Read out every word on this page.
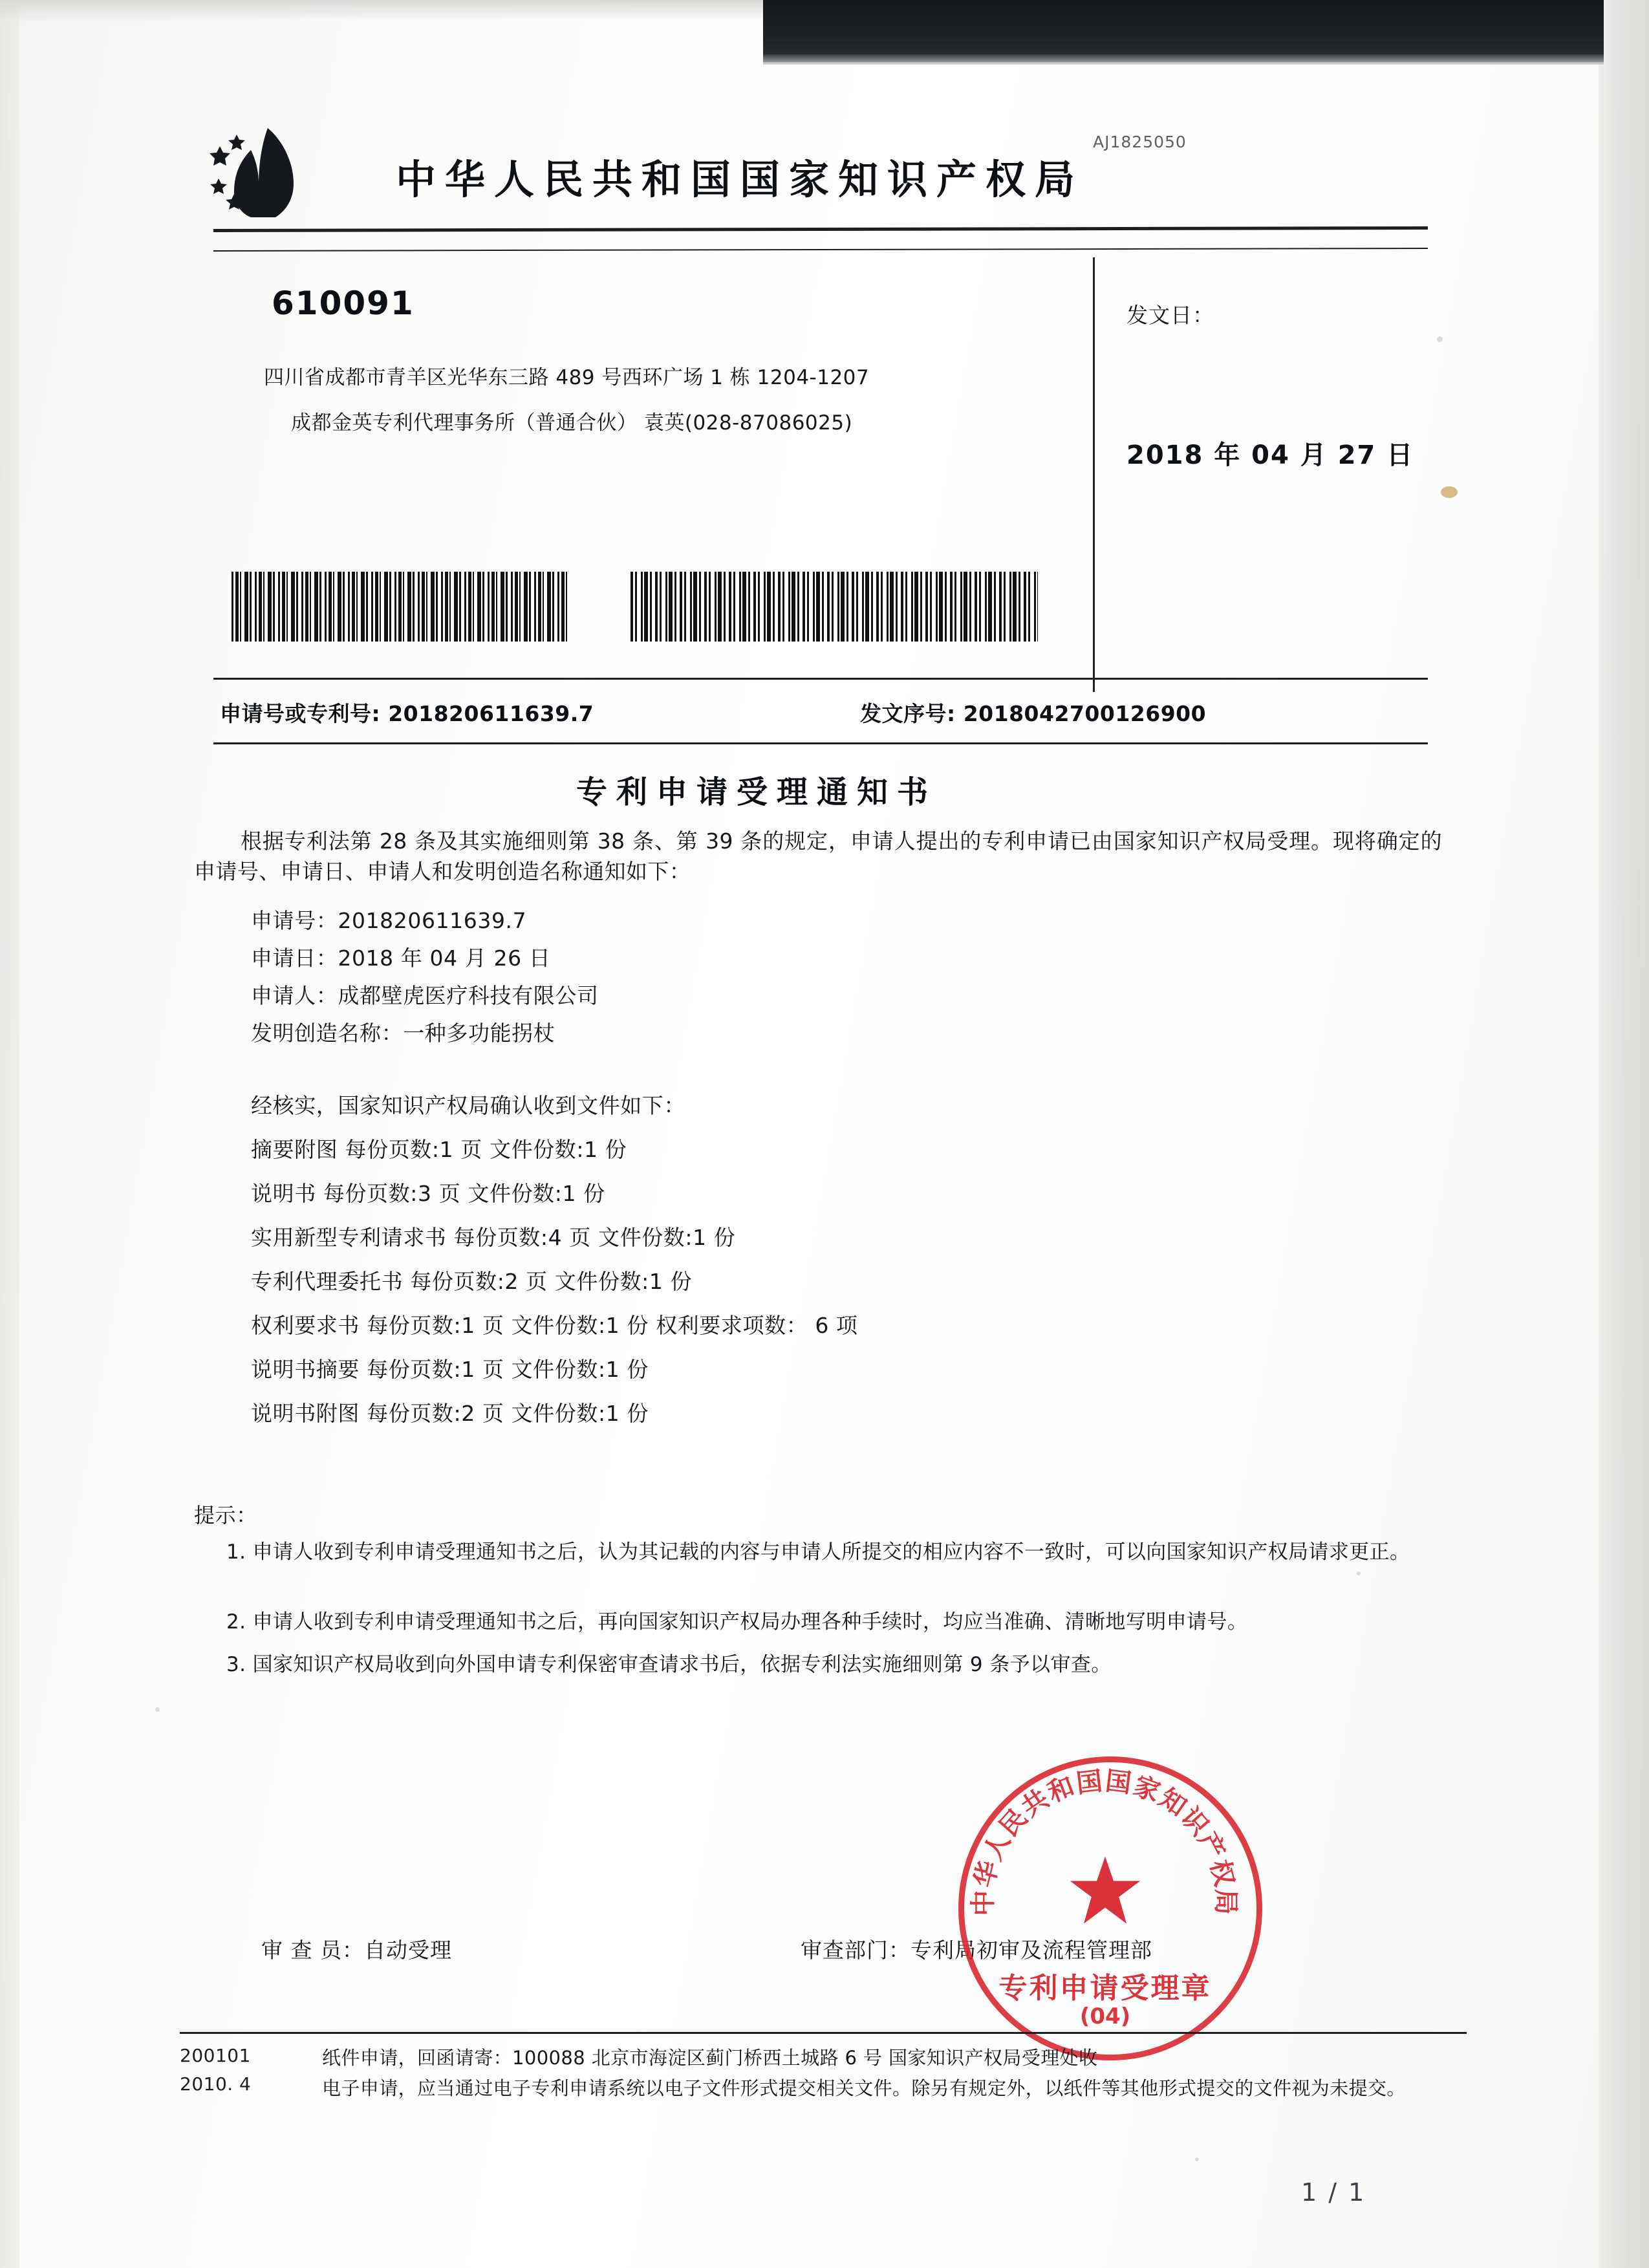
AJ1825050
中华人民共和国国家知识产权局
610091
四川省成都市青羊区光华东三路 489 号西环广场 1 栋 1204-1207
成都金英专利代理事务所（普通合伙） 袁英(028-87086025)
发文日：
2018 年 04 月 27 日
申请号或专利号: 201820611639.7	发文序号: 2018042700126900
专利申请受理通知书
根据专利法第 28 条及其实施细则第 38 条、第 39 条的规定，申请人提出的专利申请已由国家知识产权局受理。现将确定的申请号、申请日、申请人和发明创造名称通知如下：
申请号：201820611639.7
申请日：2018 年 04 月 26 日
申请人：成都壁虎医疗科技有限公司
发明创造名称：一种多功能拐杖
经核实，国家知识产权局确认收到文件如下：
摘要附图 每份页数:1 页 文件份数:1 份
说明书 每份页数:3 页 文件份数:1 份
实用新型专利请求书 每份页数:4 页 文件份数:1 份
专利代理委托书 每份页数:2 页 文件份数:1 份
权利要求书 每份页数:1 页 文件份数:1 份 权利要求项数： 6 项
说明书摘要 每份页数:1 页 文件份数:1 份
说明书附图 每份页数:2 页 文件份数:1 份
提示：
1. 申请人收到专利申请受理通知书之后，认为其记载的内容与申请人所提交的相应内容不一致时，可以向国家知识产权局请求更正。
2. 申请人收到专利申请受理通知书之后，再向国家知识产权局办理各种手续时，均应当准确、清晰地写明申请号。
3. 国家知识产权局收到向外国申请专利保密审查请求书后，依据专利法实施细则第 9 条予以审查。
审 查 员：自动受理	审查部门：专利局初审及流程管理部
中华人民共和国国家知识产权局
专利申请受理章
(04)
200101
2010. 4
纸件申请，回函请寄：100088 北京市海淀区蓟门桥西土城路 6 号 国家知识产权局受理处收
电子申请，应当通过电子专利申请系统以电子文件形式提交相关文件。除另有规定外，以纸件等其他形式提交的文件视为未提交。
1 / 1
